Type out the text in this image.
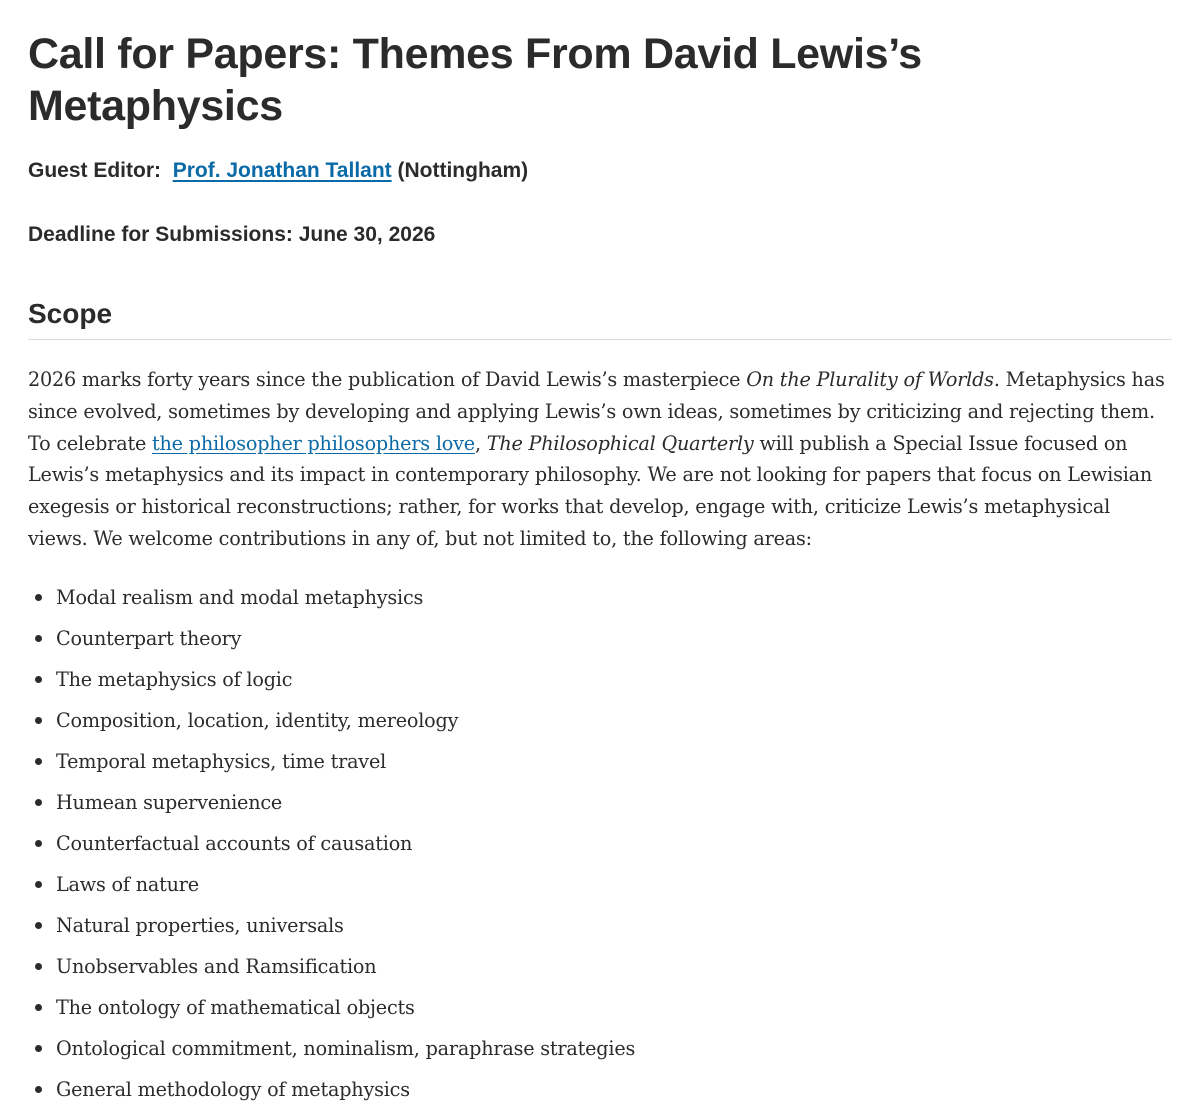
Call for Papers: Themes From David Lewis’s Metaphysics

Guest Editor: Prof. Jonathan Tallant (Nottingham)

Deadline for Submissions: June 30, 2026

Scope

2026 marks forty years since the publication of David Lewis’s masterpiece On the Plurality of Worlds. Metaphysics has since evolved, sometimes by developing and applying Lewis’s own ideas, sometimes by criticizing and rejecting them. To celebrate the philosopher philosophers love, The Philosophical Quarterly will publish a Special Issue focused on Lewis’s metaphysics and its impact in contemporary philosophy. We are not looking for papers that focus on Lewisian exegesis or historical reconstructions; rather, for works that develop, engage with, criticize Lewis’s metaphysical views. We welcome contributions in any of, but not limited to, the following areas:

Modal realism and modal metaphysics
Counterpart theory
The metaphysics of logic
Composition, location, identity, mereology
Temporal metaphysics, time travel
Humean supervenience
Counterfactual accounts of causation
Laws of nature
Natural properties, universals
Unobservables and Ramsification
The ontology of mathematical objects
Ontological commitment, nominalism, paraphrase strategies
General methodology of metaphysics
